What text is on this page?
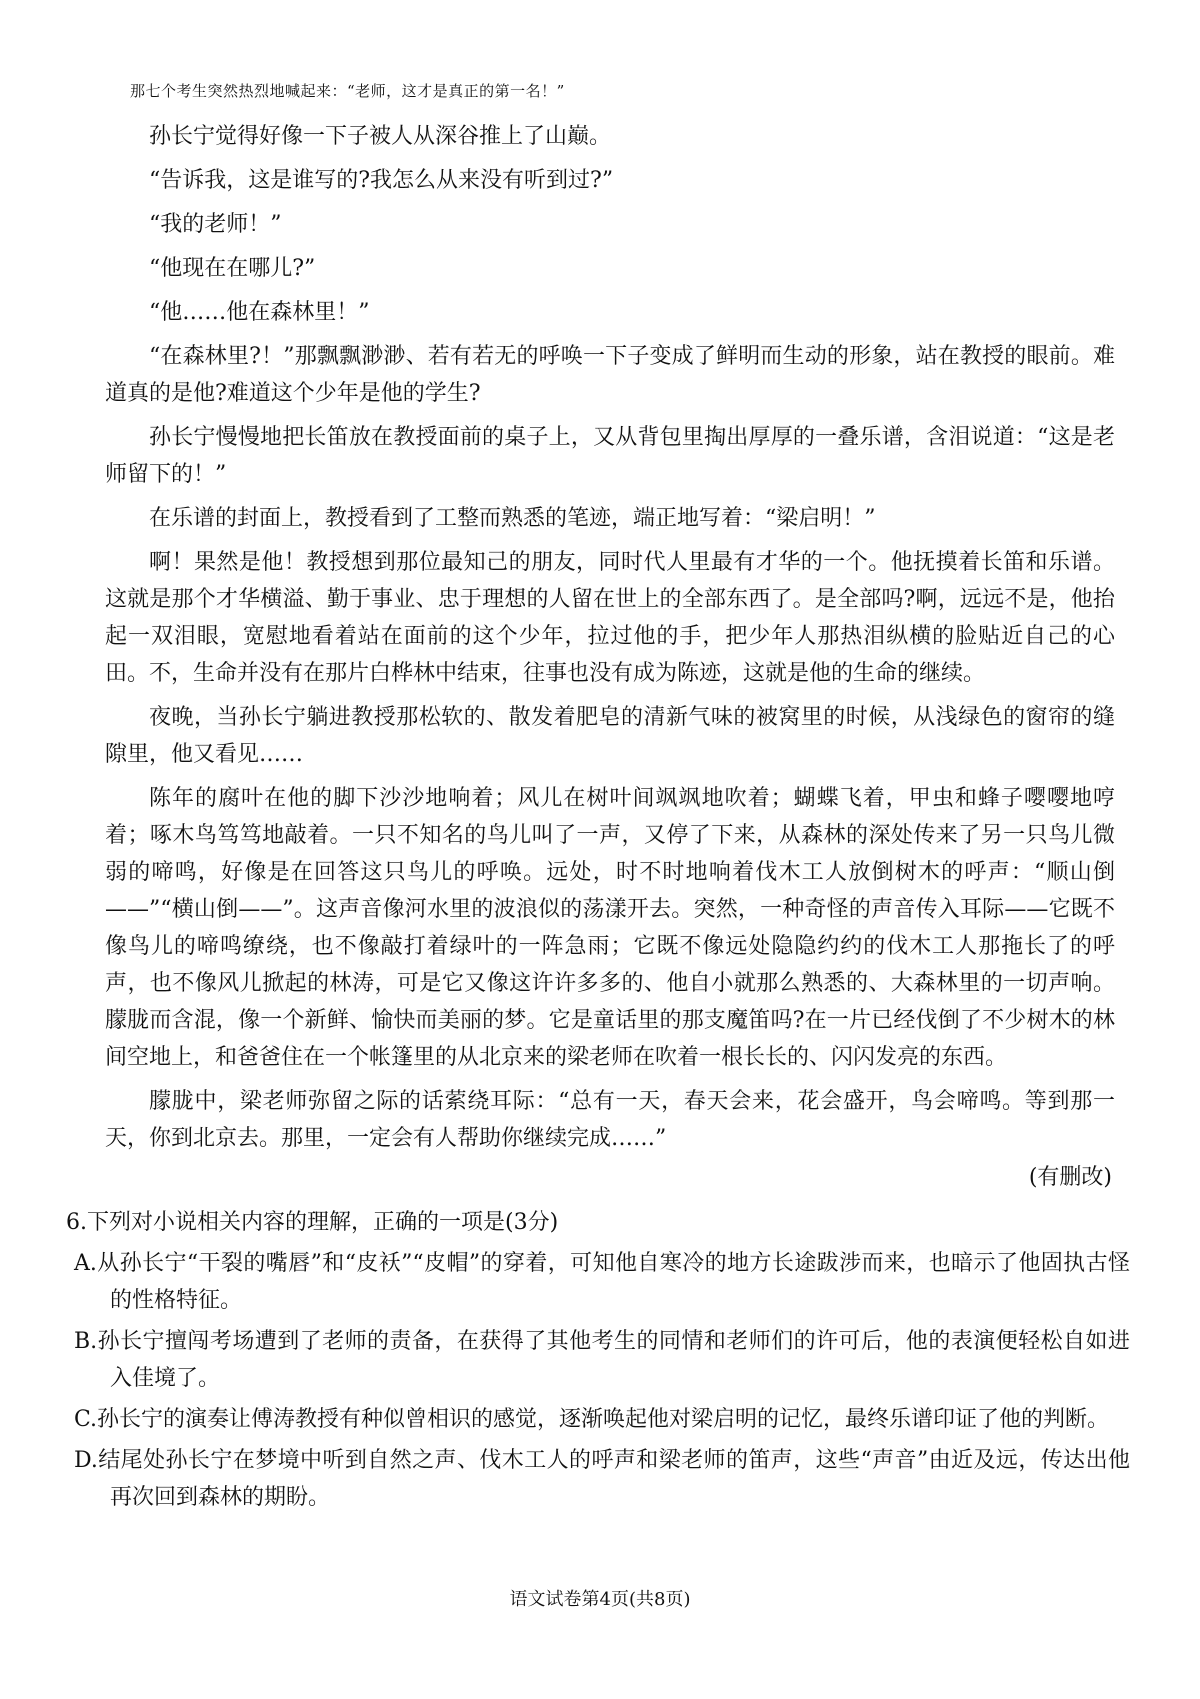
那七个考生突然热烈地喊起来：“老师，这才是真正的第一名！”

孙长宁觉得好像一下子被人从深谷推上了山巅。

“告诉我，这是谁写的?我怎么从来没有听到过?”

“我的老师！”

“他现在在哪儿?”

“他……他在森林里！”

“在森林里?！”那飘飘渺渺、若有若无的呼唤一下子变成了鲜明而生动的形象，站在教授的眼前。难道真的是他?难道这个少年是他的学生?

孙长宁慢慢地把长笛放在教授面前的桌子上，又从背包里掏出厚厚的一叠乐谱，含泪说道：“这是老师留下的！”

在乐谱的封面上，教授看到了工整而熟悉的笔迹，端正地写着：“梁启明！”

啊！果然是他！教授想到那位最知己的朋友，同时代人里最有才华的一个。他抚摸着长笛和乐谱。这就是那个才华横溢、勤于事业、忠于理想的人留在世上的全部东西了。是全部吗?啊，远远不是，他抬起一双泪眼，宽慰地看着站在面前的这个少年，拉过他的手，把少年人那热泪纵横的脸贴近自己的心田。不，生命并没有在那片白桦林中结束，往事也没有成为陈迹，这就是他的生命的继续。

夜晚，当孙长宁躺进教授那松软的、散发着肥皂的清新气味的被窝里的时候，从浅绿色的窗帘的缝隙里，他又看见……

陈年的腐叶在他的脚下沙沙地响着；风儿在树叶间飒飒地吹着；蝴蝶飞着，甲虫和蜂子嘤嘤地哼着；啄木鸟笃笃地敲着。一只不知名的鸟儿叫了一声，又停了下来，从森林的深处传来了另一只鸟儿微弱的啼鸣，好像是在回答这只鸟儿的呼唤。远处，时不时地响着伐木工人放倒树木的呼声：“顺山倒——”“横山倒——”。这声音像河水里的波浪似的荡漾开去。突然，一种奇怪的声音传入耳际——它既不像鸟儿的啼鸣缭绕，也不像敲打着绿叶的一阵急雨；它既不像远处隐隐约约的伐木工人那拖长了的呼声，也不像风儿掀起的林涛，可是它又像这许许多多的、他自小就那么熟悉的、大森林里的一切声响。朦胧而含混，像一个新鲜、愉快而美丽的梦。它是童话里的那支魔笛吗?在一片已经伐倒了不少树木的林间空地上，和爸爸住在一个帐篷里的从北京来的梁老师在吹着一根长长的、闪闪发亮的东西。

朦胧中，梁老师弥留之际的话萦绕耳际：“总有一天，春天会来，花会盛开，鸟会啼鸣。等到那一天，你到北京去。那里，一定会有人帮助你继续完成……”

(有删改)
6.下列对小说相关内容的理解，正确的一项是(3分)
A.从孙长宁“干裂的嘴唇”和“皮袄”“皮帽”的穿着，可知他自寒冷的地方长途跋涉而来，也暗示了他固执古怪的性格特征。
B.孙长宁擅闯考场遭到了老师的责备，在获得了其他考生的同情和老师们的许可后，他的表演便轻松自如进入佳境了。
C.孙长宁的演奏让傅涛教授有种似曾相识的感觉，逐渐唤起他对梁启明的记忆，最终乐谱印证了他的判断。
D.结尾处孙长宁在梦境中听到自然之声、伐木工人的呼声和梁老师的笛声，这些“声音”由近及远，传达出他再次回到森林的期盼。
语文试卷第4页(共8页)
